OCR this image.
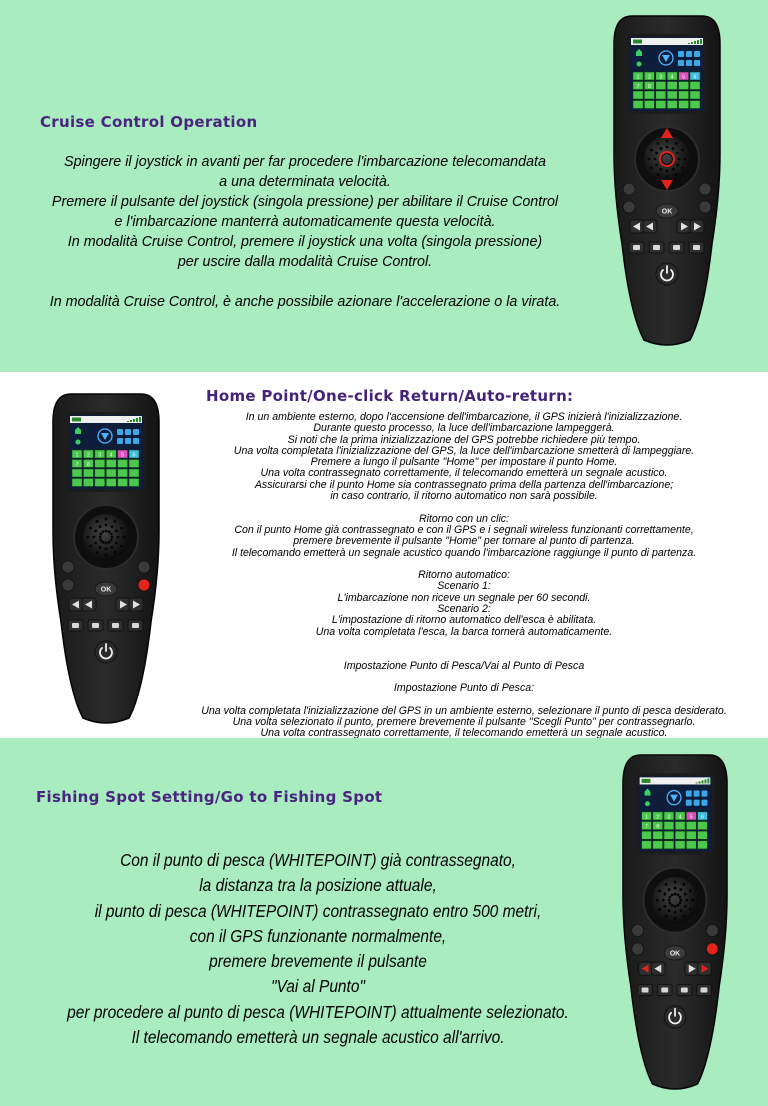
Cruise Control Operation
Spingere il joystick in avanti per far procedere l'imbarcazione telecomandata
a una determinata velocità.
Premere il pulsante del joystick (singola pressione) per abilitare il Cruise Control
e l'imbarcazione manterrà automaticamente questa velocità.
In modalità Cruise Control, premere il joystick una volta (singola pressione)
per uscire dalla modalità Cruise Control.

In modalità Cruise Control, è anche possibile azionare l'accelerazione o la virata.
1 2 3 4 5 6
7 8
OK
1 2 3 4 5 6
7 8
OK
Home Point/One-click Return/Auto-return:
In un ambiente esterno, dopo l'accensione dell'imbarcazione, il GPS inizierà l'inizializzazione.
Durante questo processo, la luce dell'imbarcazione lampeggerà.
Si noti che la prima inizializzazione del GPS potrebbe richiedere più tempo.
Una volta completata l'inizializzazione del GPS, la luce dell'imbarcazione smetterà di lampeggiare.
Premere a lungo il pulsante "Home" per impostare il punto Home.
Una volta contrassegnato correttamente, il telecomando emetterà un segnale acustico.
Assicurarsi che il punto Home sia contrassegnato prima della partenza dell'imbarcazione;
in caso contrario, il ritorno automatico non sarà possibile.

Ritorno con un clic:
Con il punto Home già contrassegnato e con il GPS e i segnali wireless funzionanti correttamente,
premere brevemente il pulsante "Home" per tornare al punto di partenza.
Il telecomando emetterà un segnale acustico quando l'imbarcazione raggiunge il punto di partenza.

Ritorno automatico:
Scenario 1:
L'imbarcazione non riceve un segnale per 60 secondi.
Scenario 2:
L'impostazione di ritorno automatico dell'esca è abilitata.
Una volta completata l'esca, la barca tornerà automaticamente.

Impostazione Punto di Pesca/Vai al Punto di Pesca

Impostazione Punto di Pesca:

Una volta completata l'inizializzazione del GPS in un ambiente esterno, selezionare il punto di pesca desiderato.
Una volta selezionato il punto, premere brevemente il pulsante "Scegli Punto" per contrassegnarlo.
Una volta contrassegnato correttamente, il telecomando emetterà un segnale acustico.
Fishing Spot Setting/Go to Fishing Spot
Con il punto di pesca (WHITEPOINT) già contrassegnato,
la distanza tra la posizione attuale,
il punto di pesca (WHITEPOINT) contrassegnato entro 500 metri,
con il GPS funzionante normalmente,
premere brevemente il pulsante
"Vai al Punto"
per procedere al punto di pesca (WHITEPOINT) attualmente selezionato.
Il telecomando emetterà un segnale acustico all'arrivo.
1 2 3 4 5 6
7 8
OK
